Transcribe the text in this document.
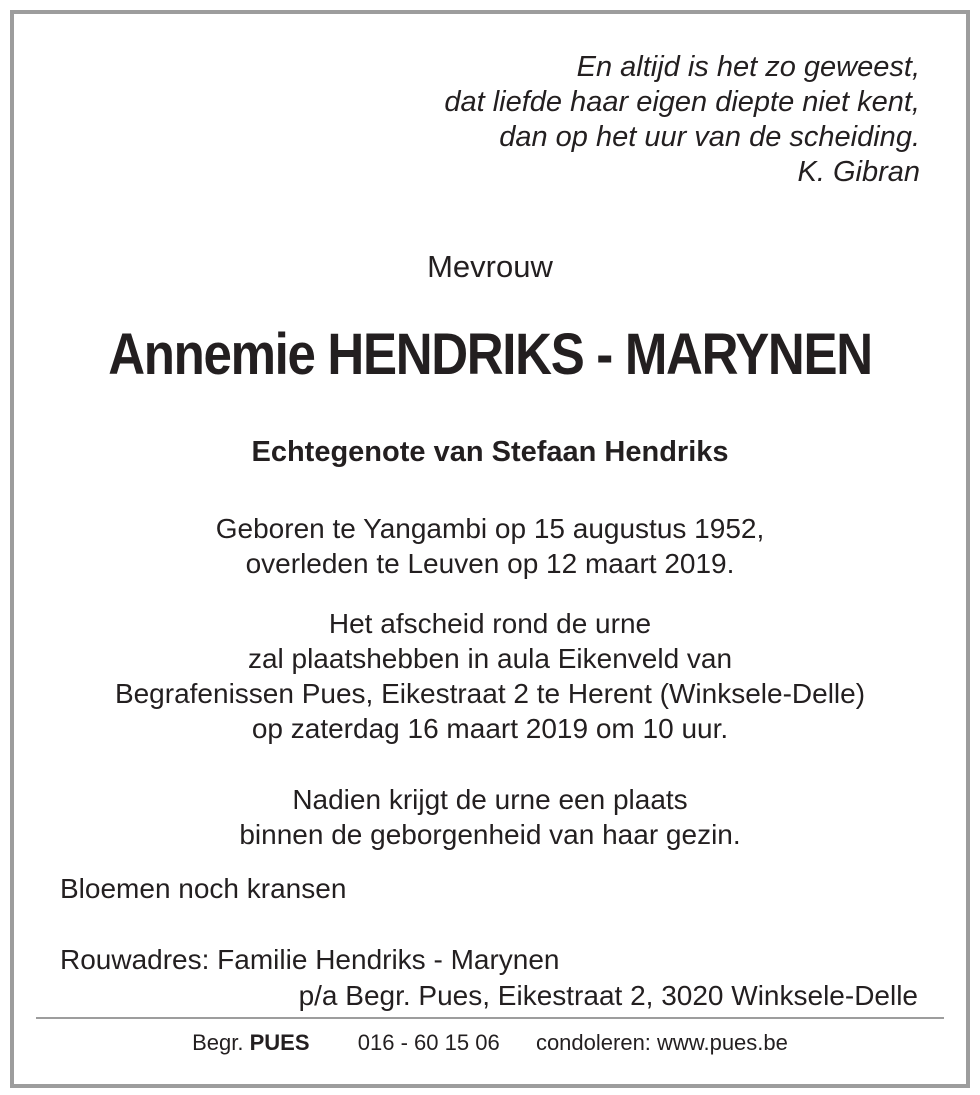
En altijd is het zo geweest,
dat liefde haar eigen diepte niet kent,
dan op het uur van de scheiding.
K. Gibran
Mevrouw
Annemie HENDRIKS - MARYNEN
Echtegenote van Stefaan Hendriks
Geboren te Yangambi op 15 augustus 1952,
overleden te Leuven op 12 maart 2019.
Het afscheid rond de urne
zal plaatshebben in aula Eikenveld van
Begrafenissen Pues, Eikestraat 2 te Herent (Winksele-Delle)
op zaterdag 16 maart 2019 om 10 uur.
Nadien krijgt de urne een plaats
binnen de geborgenheid van haar gezin.
Bloemen noch kransen
Rouwadres: Familie Hendriks - Marynen
p/a Begr. Pues, Eikestraat 2, 3020 Winksele-Delle
Begr. PUES 016 - 60 15 06 condoleren: www.pues.be
